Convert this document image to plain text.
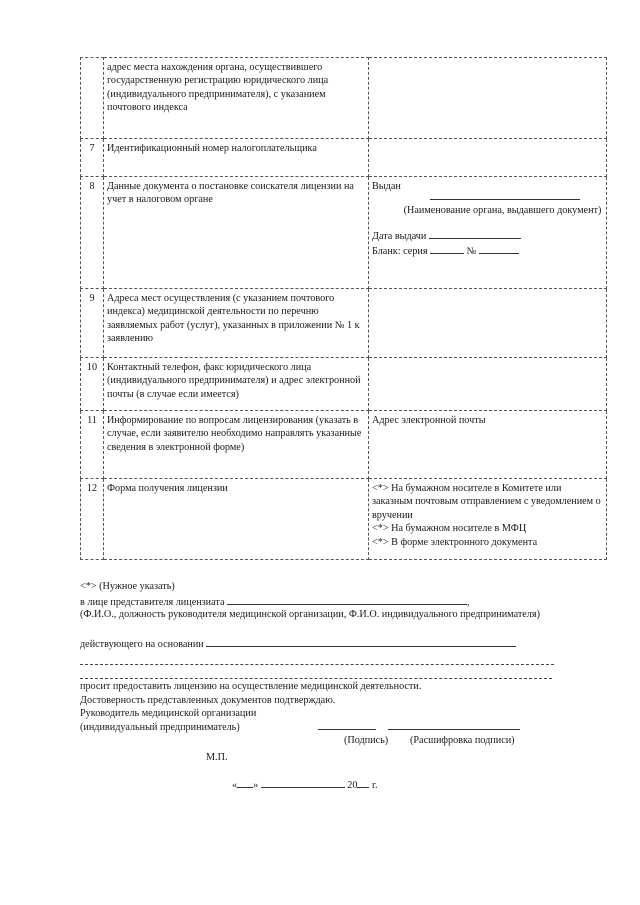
	адрес места нахождения органа, осуществившего государственную регистрацию юридического лица (индивидуального предпринимателя), с указанием почтового индекса	
7	Идентификационный номер налогоплательщика	
8	Данные документа о постановке соискателя лицензии на учет в налоговом органе	Выдан
(Наименование органа, выдавшего документ)
Дата выдачи
Бланк: серия №

9	Адреса мест осуществления (с указанием почтового индекса) медицинской деятельности по перечню заявляемых работ (услуг), указанных в приложении № 1 к заявлению	
10	Контактный телефон, факс юридического лица (индивидуального предпринимателя) и адрес электронной почты (в случае если имеется)	
11	Информирование по вопросам лицензирования (указать в случае, если заявителю необходимо направлять указанные сведения в электронной форме)	Адрес электронной почты
12	Форма получения лицензии	<*> На бумажном носителе в Комитете или заказным почтовым отправлением с уведомлением о вручении
<*> На бумажном носителе в МФЦ
<*> В форме электронного документа
<*> (Нужное указать)
в лице представителя лицензиата	,
(Ф.И.О., должность руководителя медицинской организации, Ф.И.О. индивидуального предпринимателя)
действующего на основании
просит предоставить лицензию на осуществление медицинской деятельности.
Достоверность представленных документов подтверждаю.
Руководитель медицинской организации
(индивидуальный предприниматель)
(Подпись) (Расшифровка подписи)
М.П.
« »	20 г.
